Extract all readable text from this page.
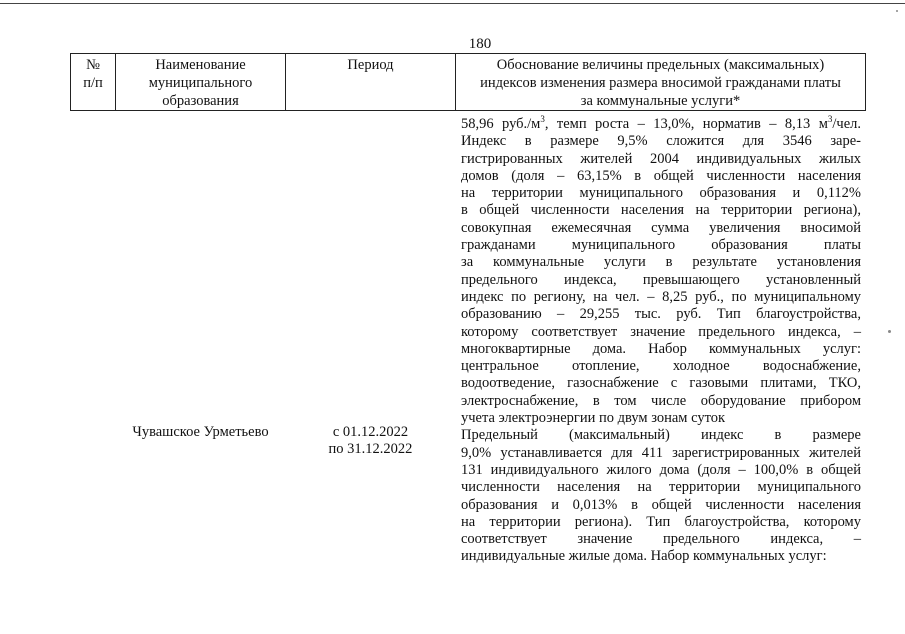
180
№
п/п
Наименование
муниципального
образования
Период	Обоснование величины предельных (максимальных)
индексов изменения размера вносимой гражданами платы
за коммунальные услуги*
58,96 $руб./м^3$, темп роста – 13,0%, норматив – 8,13 $м^3$/чел.
Индекс в размере 9,5% сложится для 3546 заре-
гистрированных жителей 2004 индивидуальных жилых
домов (доля – 63,15% в общей численности населения
на территории муниципального образования и 0,112%
в общей численности населения на территории региона),
совокупная ежемесячная сумма увеличения вносимой
гражданами муниципального образования платы
за коммунальные услуги в результате установления
предельного индекса, превышающего установленный
индекс по региону, на чел. – 8,25 руб., по муниципальному
образованию – 29,255 тыс. руб. Тип благоустройства,
которому соответствует значение предельного индекса, –
многоквартирные дома. Набор коммунальных услуг:
центральное отопление, холодное водоснабжение,
водоотведение, газоснабжение с газовыми плитами, ТКО,
электроснабжение, в том числе оборудование прибором
учета электроэнергии по двум зонам суток
Предельный (максимальный) индекс в размере
9,0% устанавливается для 411 зарегистрированных жителей
131 индивидуального жилого дома (доля – 100,0% в общей
численности населения на территории муниципального
образования и 0,013% в общей численности населения
на территории региона). Тип благоустройства, которому
соответствует значение предельного индекса, –
индивидуальные жилые дома. Набор коммунальных услуг:
Чувашское Урметьево	с 01.12.2022
по 31.12.2022
